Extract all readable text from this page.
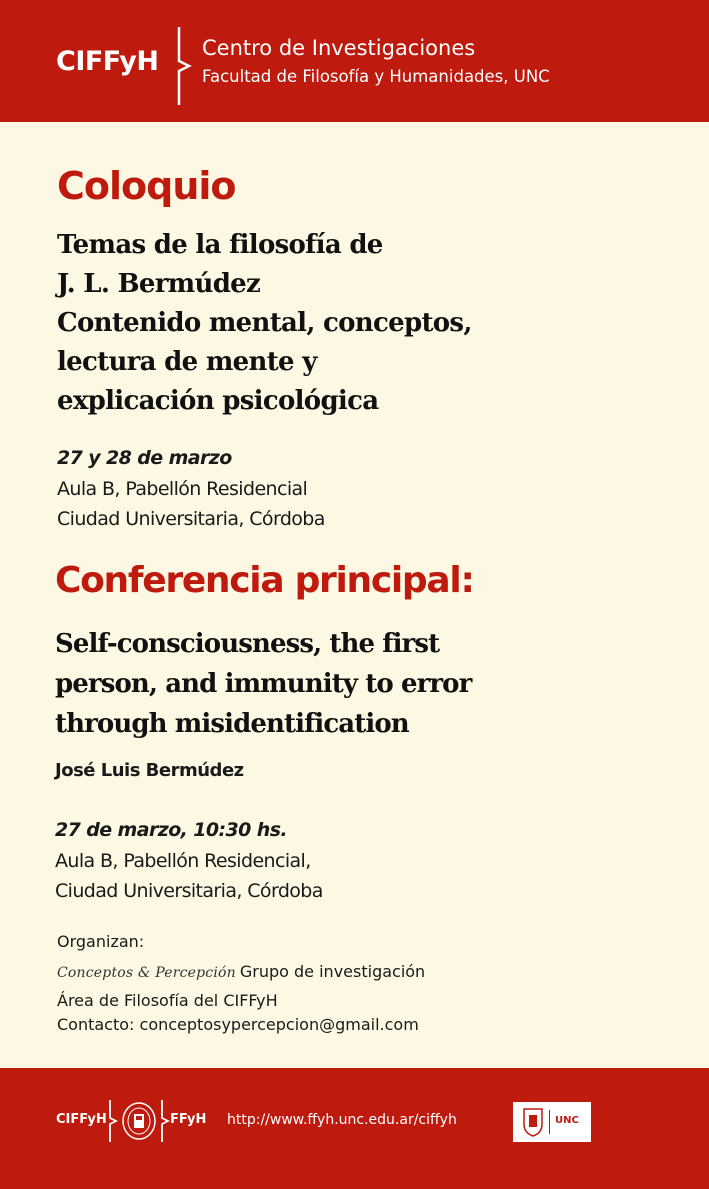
CIFFyH Centro de Investigaciones
Facultad de Filosofía y Humanidades, UNC
Coloquio
Temas de la filosofía de
J. L. Bermúdez
Contenido mental, conceptos,
lectura de mente y
explicación psicológica
27 y 28 de marzo
Aula B, Pabellón Residencial
Ciudad Universitaria, Córdoba
Conferencia principal:
Self-consciousness, the first
person, and immunity to error
through misidentification
José Luis Bermúdez
27 de marzo, 10:30 hs.
Aula B, Pabellón Residencial,
Ciudad Universitaria, Córdoba
Organizan:
Conceptos & Percepción Grupo de investigación
Área de Filosofía del CIFFyH
Contacto: conceptosypercepcion@gmail.com
CIFFyH	FFyH http://www.ffyh.unc.edu.ar/ciffyh	UNC
